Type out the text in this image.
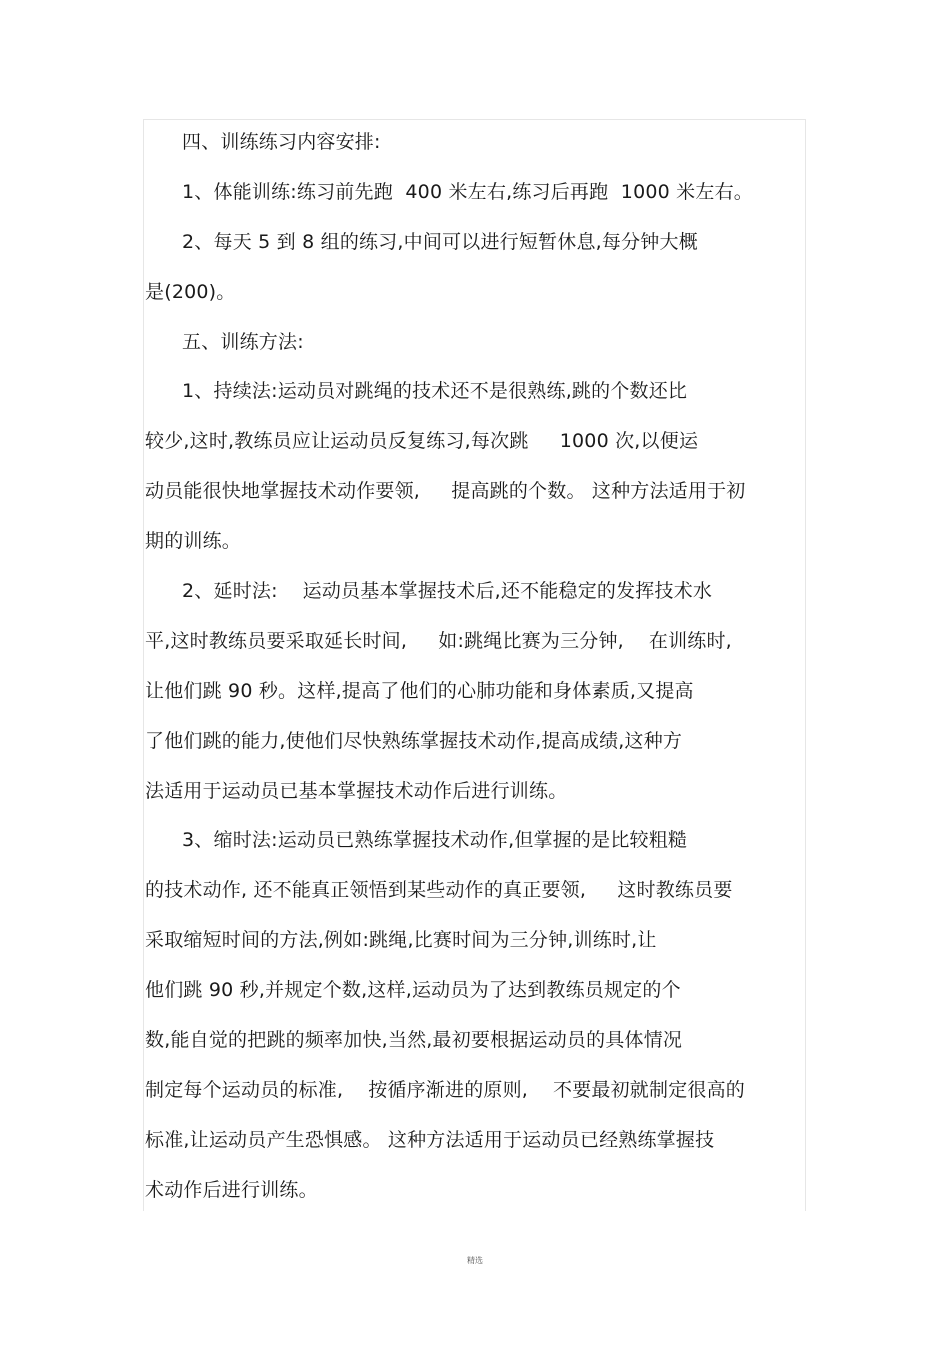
四、训练练习内容安排:
1、体能训练:练习前先跑  400 米左右,练习后再跑  1000 米左右。
2、每天 5 到 8 组的练习,中间可以进行短暂休息,每分钟大概
是(200)。
五、训练方法:
1、持续法:运动员对跳绳的技术还不是很熟练,跳的个数还比
较少,这时,教练员应让运动员反复练习,每次跳     1000 次,以便运
动员能很快地掌握技术动作要领,     提高跳的个数。 这种方法适用于初
期的训练。
2、延时法:    运动员基本掌握技术后,还不能稳定的发挥技术水
平,这时教练员要采取延长时间,     如:跳绳比赛为三分钟,    在训练时,
让他们跳 90 秒。这样,提高了他们的心肺功能和身体素质,又提高
了他们跳的能力,使他们尽快熟练掌握技术动作,提高成绩,这种方
法适用于运动员已基本掌握技术动作后进行训练。
3、缩时法:运动员已熟练掌握技术动作,但掌握的是比较粗糙
的技术动作, 还不能真正领悟到某些动作的真正要领,     这时教练员要
采取缩短时间的方法,例如:跳绳,比赛时间为三分钟,训练时,让
他们跳 90 秒,并规定个数,这样,运动员为了达到教练员规定的个
数,能自觉的把跳的频率加快,当然,最初要根据运动员的具体情况
制定每个运动员的标准,    按循序渐进的原则,    不要最初就制定很高的
标准,让运动员产生恐惧感。 这种方法适用于运动员已经熟练掌握技
术动作后进行训练。
精选
